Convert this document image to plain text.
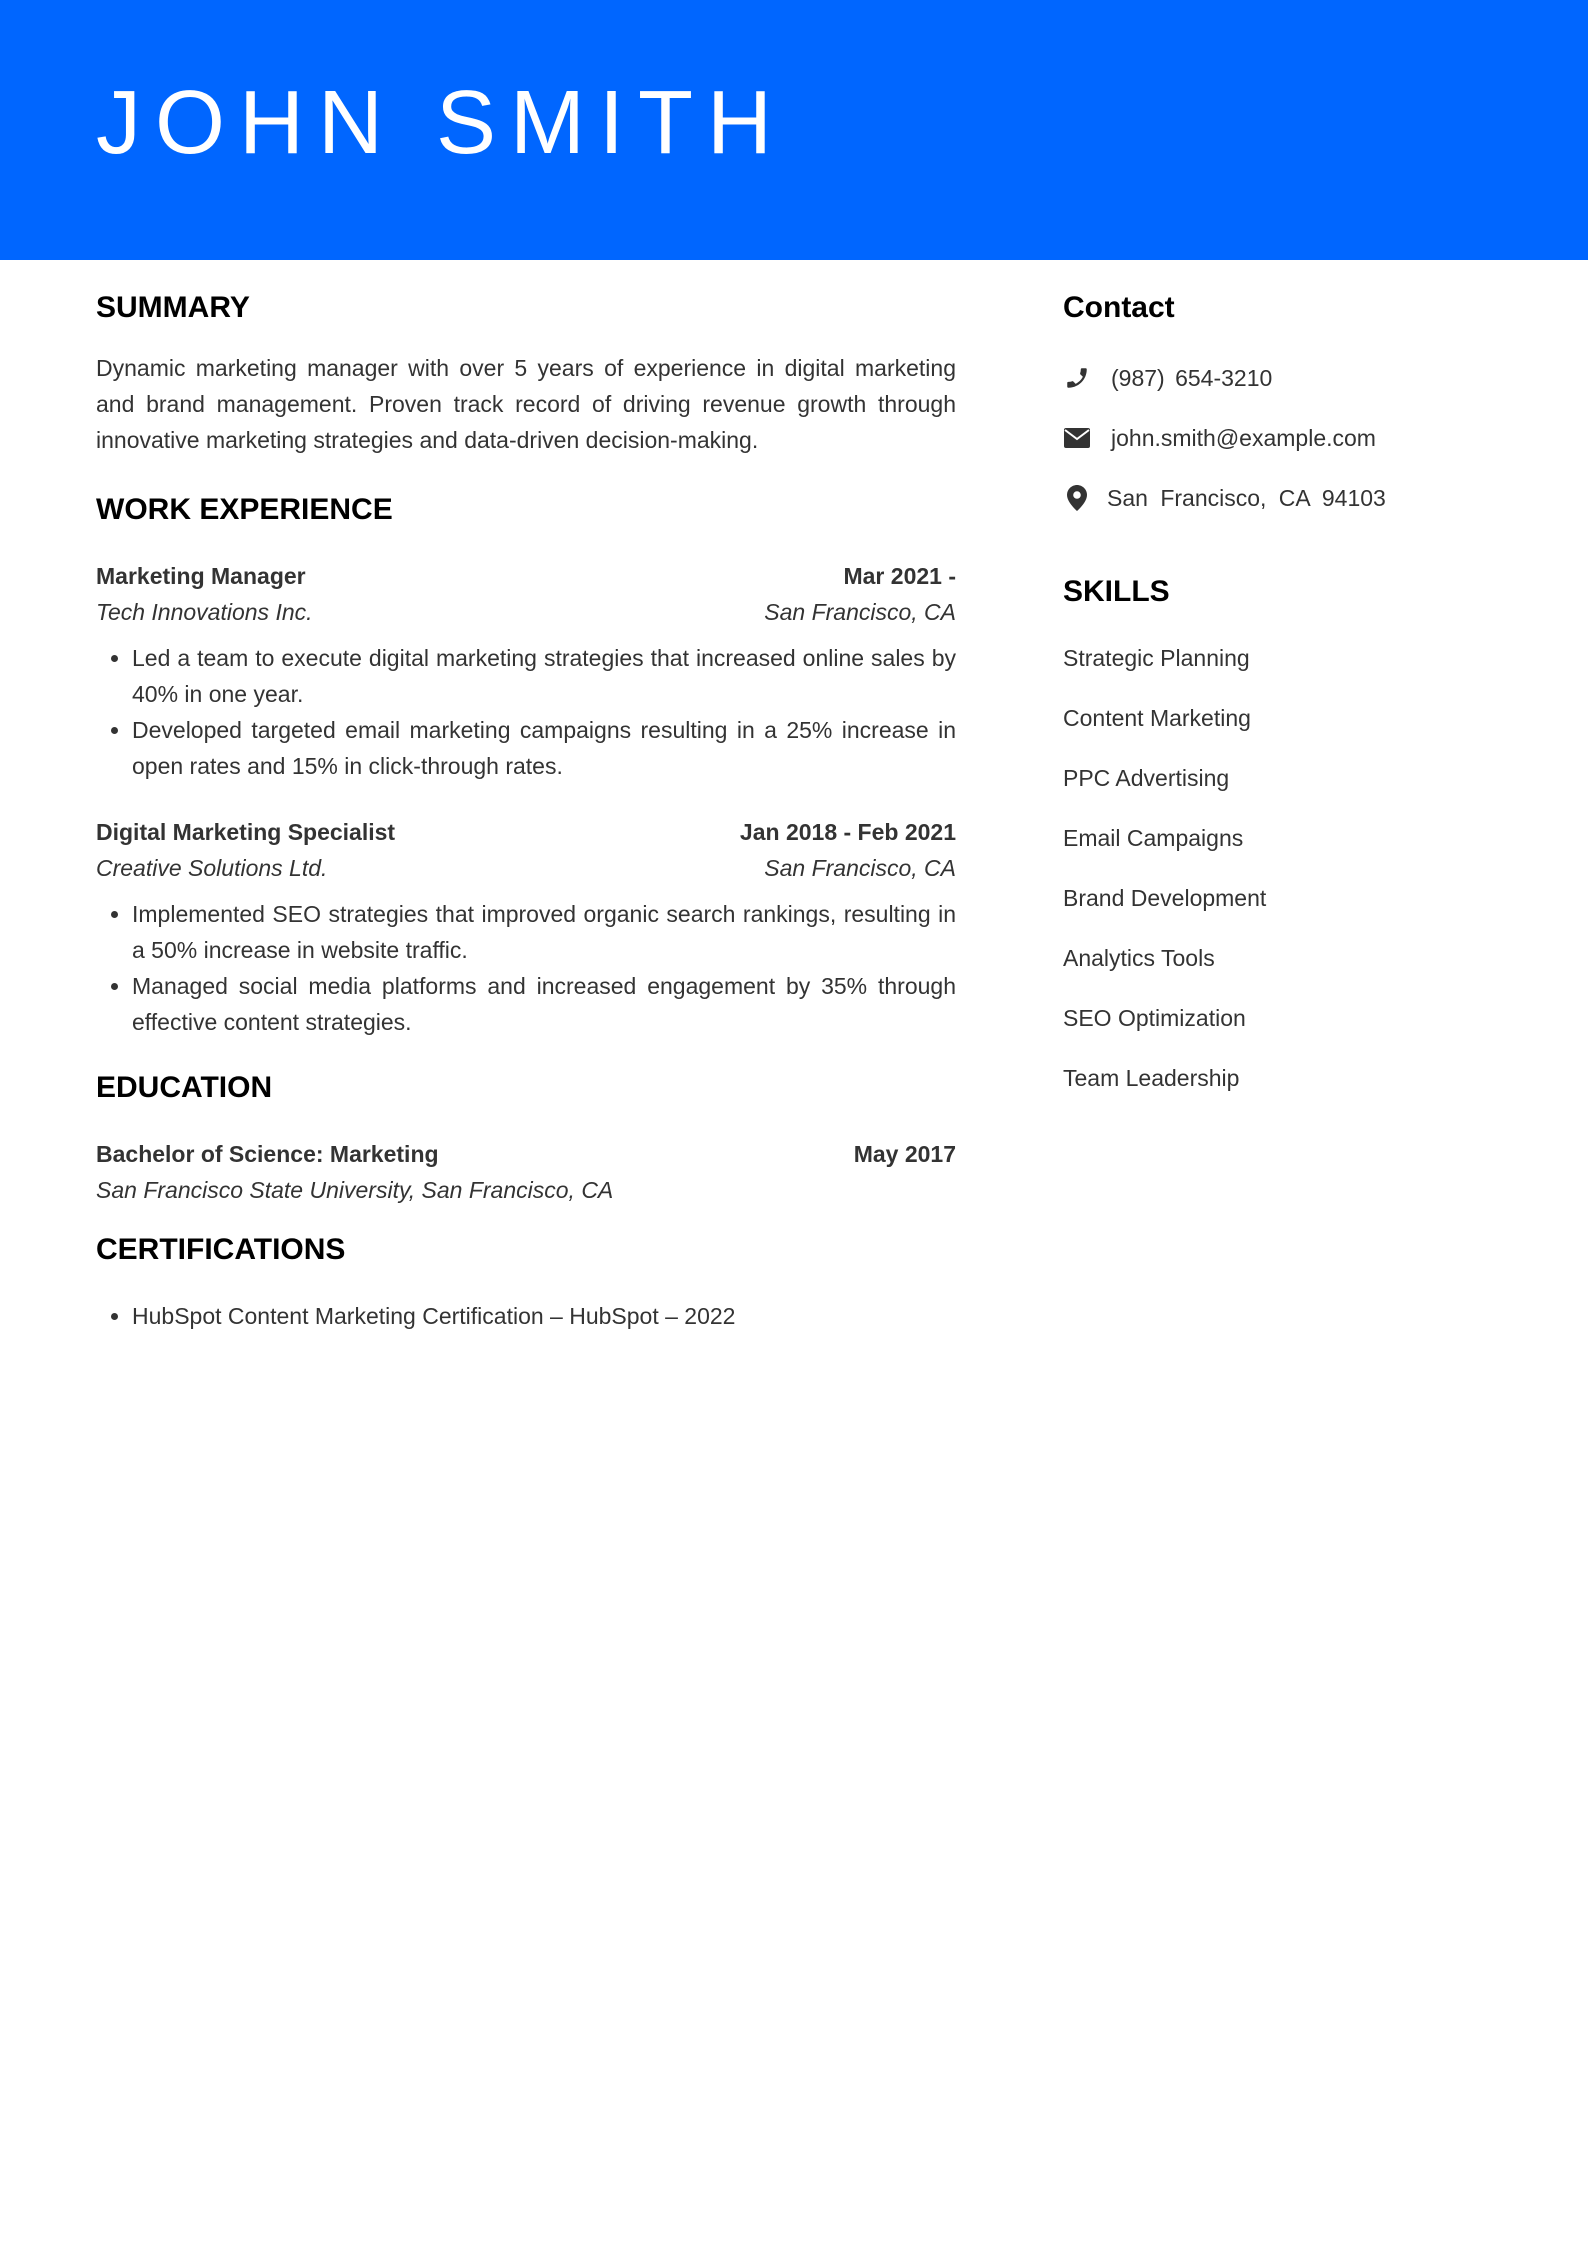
JOHN SMITH
SUMMARY

Dynamic marketing manager with over 5 years of experience in digital marketing and brand management. Proven track record of driving revenue growth through innovative marketing strategies and data-driven decision-making.

WORK EXPERIENCE
Marketing Manager	Mar 2021 -
Tech Innovations Inc.	San Francisco, CA
• Led a team to execute digital marketing strategies that increased online sales by 40% in one year.
• Developed targeted email marketing campaigns resulting in a 25% increase in open rates and 15% in click-through rates.
Digital Marketing Specialist	Jan 2018 - Feb 2021
Creative Solutions Ltd.	San Francisco, CA
• Implemented SEO strategies that improved organic search rankings, resulting in a 50% increase in website traffic.
• Managed social media platforms and increased engagement by 35% through effective content strategies.
EDUCATION
Bachelor of Science: Marketing	May 2017
San Francisco State University, San Francisco, CA
CERTIFICATIONS
• HubSpot Content Marketing Certification – HubSpot – 2022
Contact
(987) 654-3210
john.smith@example.com
San Francisco, CA 94103
SKILLS
Strategic Planning
Content Marketing
PPC Advertising
Email Campaigns
Brand Development
Analytics Tools
SEO Optimization
Team Leadership
